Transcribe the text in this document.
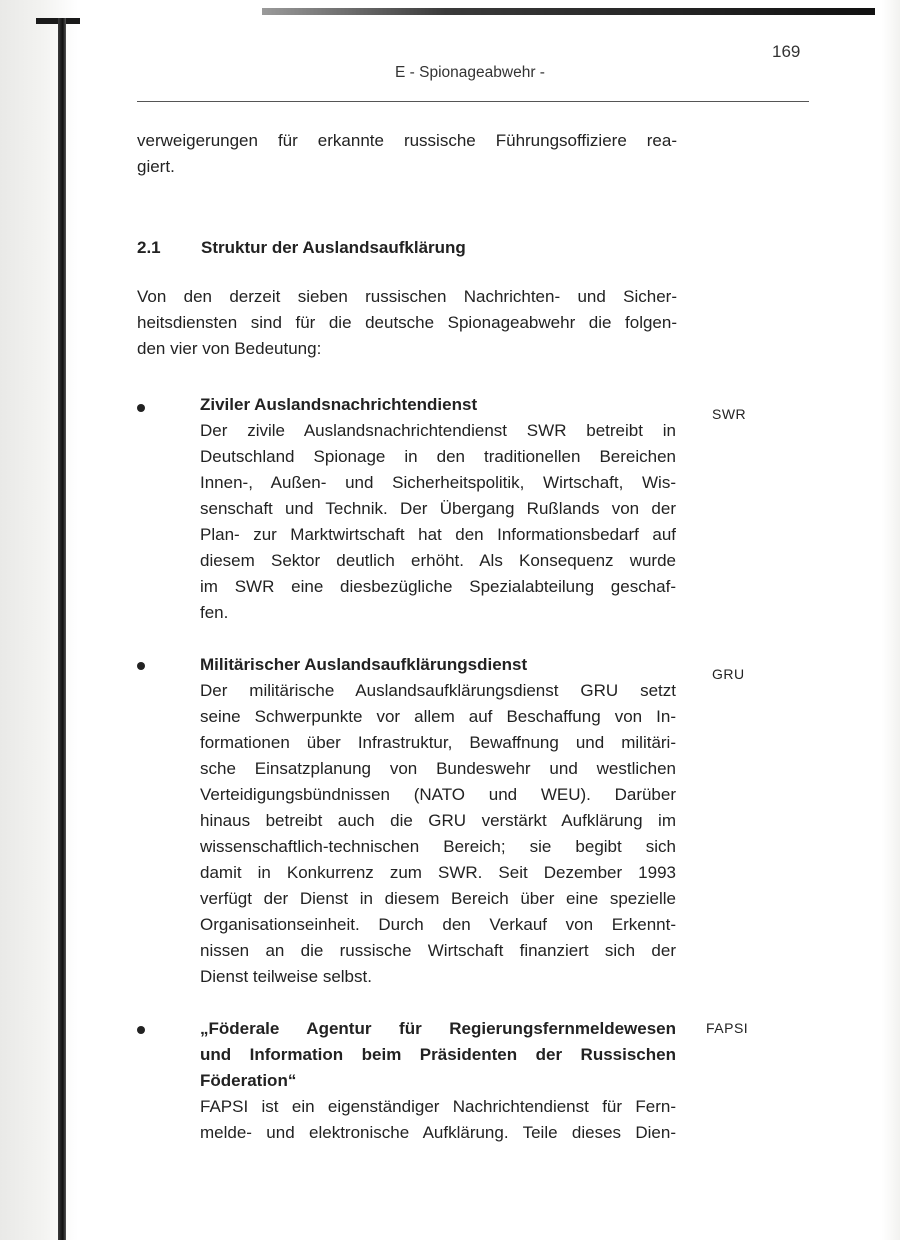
169
E - Spionageabwehr -
verweigerungen für erkannte russische Führungsoffiziere rea-
giert.
2.1 Struktur der Auslandsaufklärung
Von den derzeit sieben russischen Nachrichten- und Sicher-
heitsdiensten sind für die deutsche Spionageabwehr die folgen-
den vier von Bedeutung:
Ziviler Auslandsnachrichtendienst	SWR
Der zivile Auslandsnachrichtendienst SWR betreibt in
Deutschland Spionage in den traditionellen Bereichen
Innen-, Außen- und Sicherheitspolitik, Wirtschaft, Wis-
senschaft und Technik. Der Übergang Rußlands von der
Plan- zur Marktwirtschaft hat den Informationsbedarf auf
diesem Sektor deutlich erhöht. Als Konsequenz wurde
im SWR eine diesbezügliche Spezialabteilung geschaf-
fen.
Militärischer Auslandsaufklärungsdienst	GRU
Der militärische Auslandsaufklärungsdienst GRU setzt
seine Schwerpunkte vor allem auf Beschaffung von In-
formationen über Infrastruktur, Bewaffnung und militäri-
sche Einsatzplanung von Bundeswehr und westlichen
Verteidigungsbündnissen (NATO und WEU). Darüber
hinaus betreibt auch die GRU verstärkt Aufklärung im
wissenschaftlich-technischen Bereich; sie begibt sich
damit in Konkurrenz zum SWR. Seit Dezember 1993
verfügt der Dienst in diesem Bereich über eine spezielle
Organisationseinheit. Durch den Verkauf von Erkennt-
nissen an die russische Wirtschaft finanziert sich der
Dienst teilweise selbst.
„Föderale Agentur für Regierungsfernmeldewesen
und Information beim Präsidenten der Russischen
Föderation“
FAPSI
FAPSI ist ein eigenständiger Nachrichtendienst für Fern-
melde- und elektronische Aufklärung. Teile dieses Dien-
